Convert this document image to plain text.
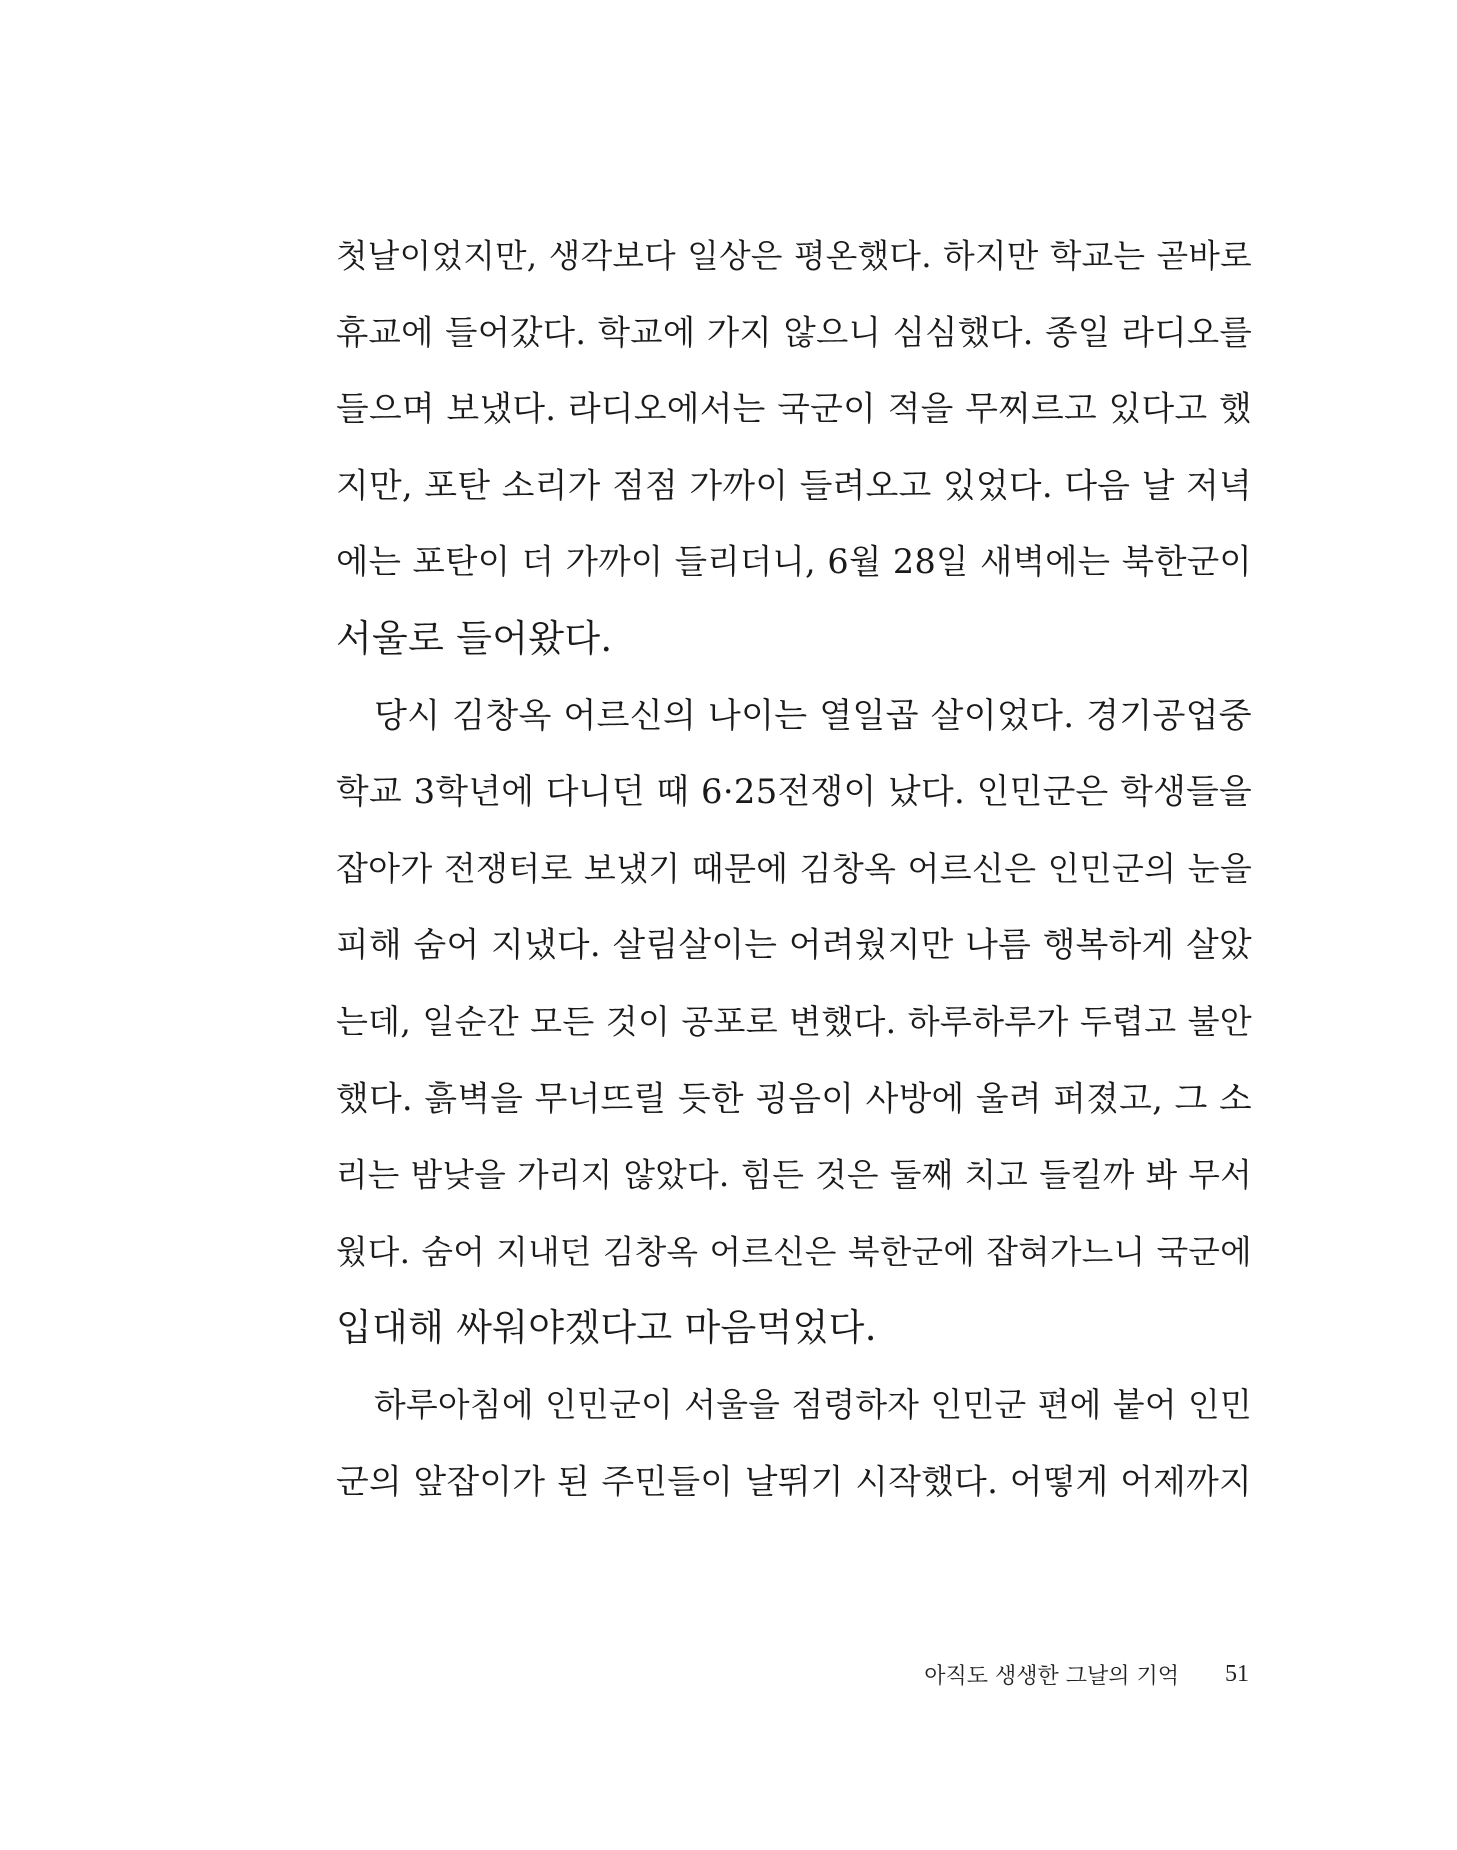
첫날이었지만, 생각보다 일상은 평온했다. 하지만 학교는 곧바로
휴교에 들어갔다. 학교에 가지 않으니 심심했다. 종일 라디오를
들으며 보냈다. 라디오에서는 국군이 적을 무찌르고 있다고 했
지만, 포탄 소리가 점점 가까이 들려오고 있었다. 다음 날 저녁
에는 포탄이 더 가까이 들리더니, 6월 28일 새벽에는 북한군이
서울로 들어왔다.
당시 김창옥 어르신의 나이는 열일곱 살이었다. 경기공업중
학교 3학년에 다니던 때 6·25전쟁이 났다. 인민군은 학생들을
잡아가 전쟁터로 보냈기 때문에 김창옥 어르신은 인민군의 눈을
피해 숨어 지냈다. 살림살이는 어려웠지만 나름 행복하게 살았
는데, 일순간 모든 것이 공포로 변했다. 하루하루가 두렵고 불안
했다. 흙벽을 무너뜨릴 듯한 굉음이 사방에 울려 퍼졌고, 그 소
리는 밤낮을 가리지 않았다. 힘든 것은 둘째 치고 들킬까 봐 무서
웠다. 숨어 지내던 김창옥 어르신은 북한군에 잡혀가느니 국군에
입대해 싸워야겠다고 마음먹었다.
하루아침에 인민군이 서울을 점령하자 인민군 편에 붙어 인민
군의 앞잡이가 된 주민들이 날뛰기 시작했다. 어떻게 어제까지
아직도 생생한 그날의 기억 51
